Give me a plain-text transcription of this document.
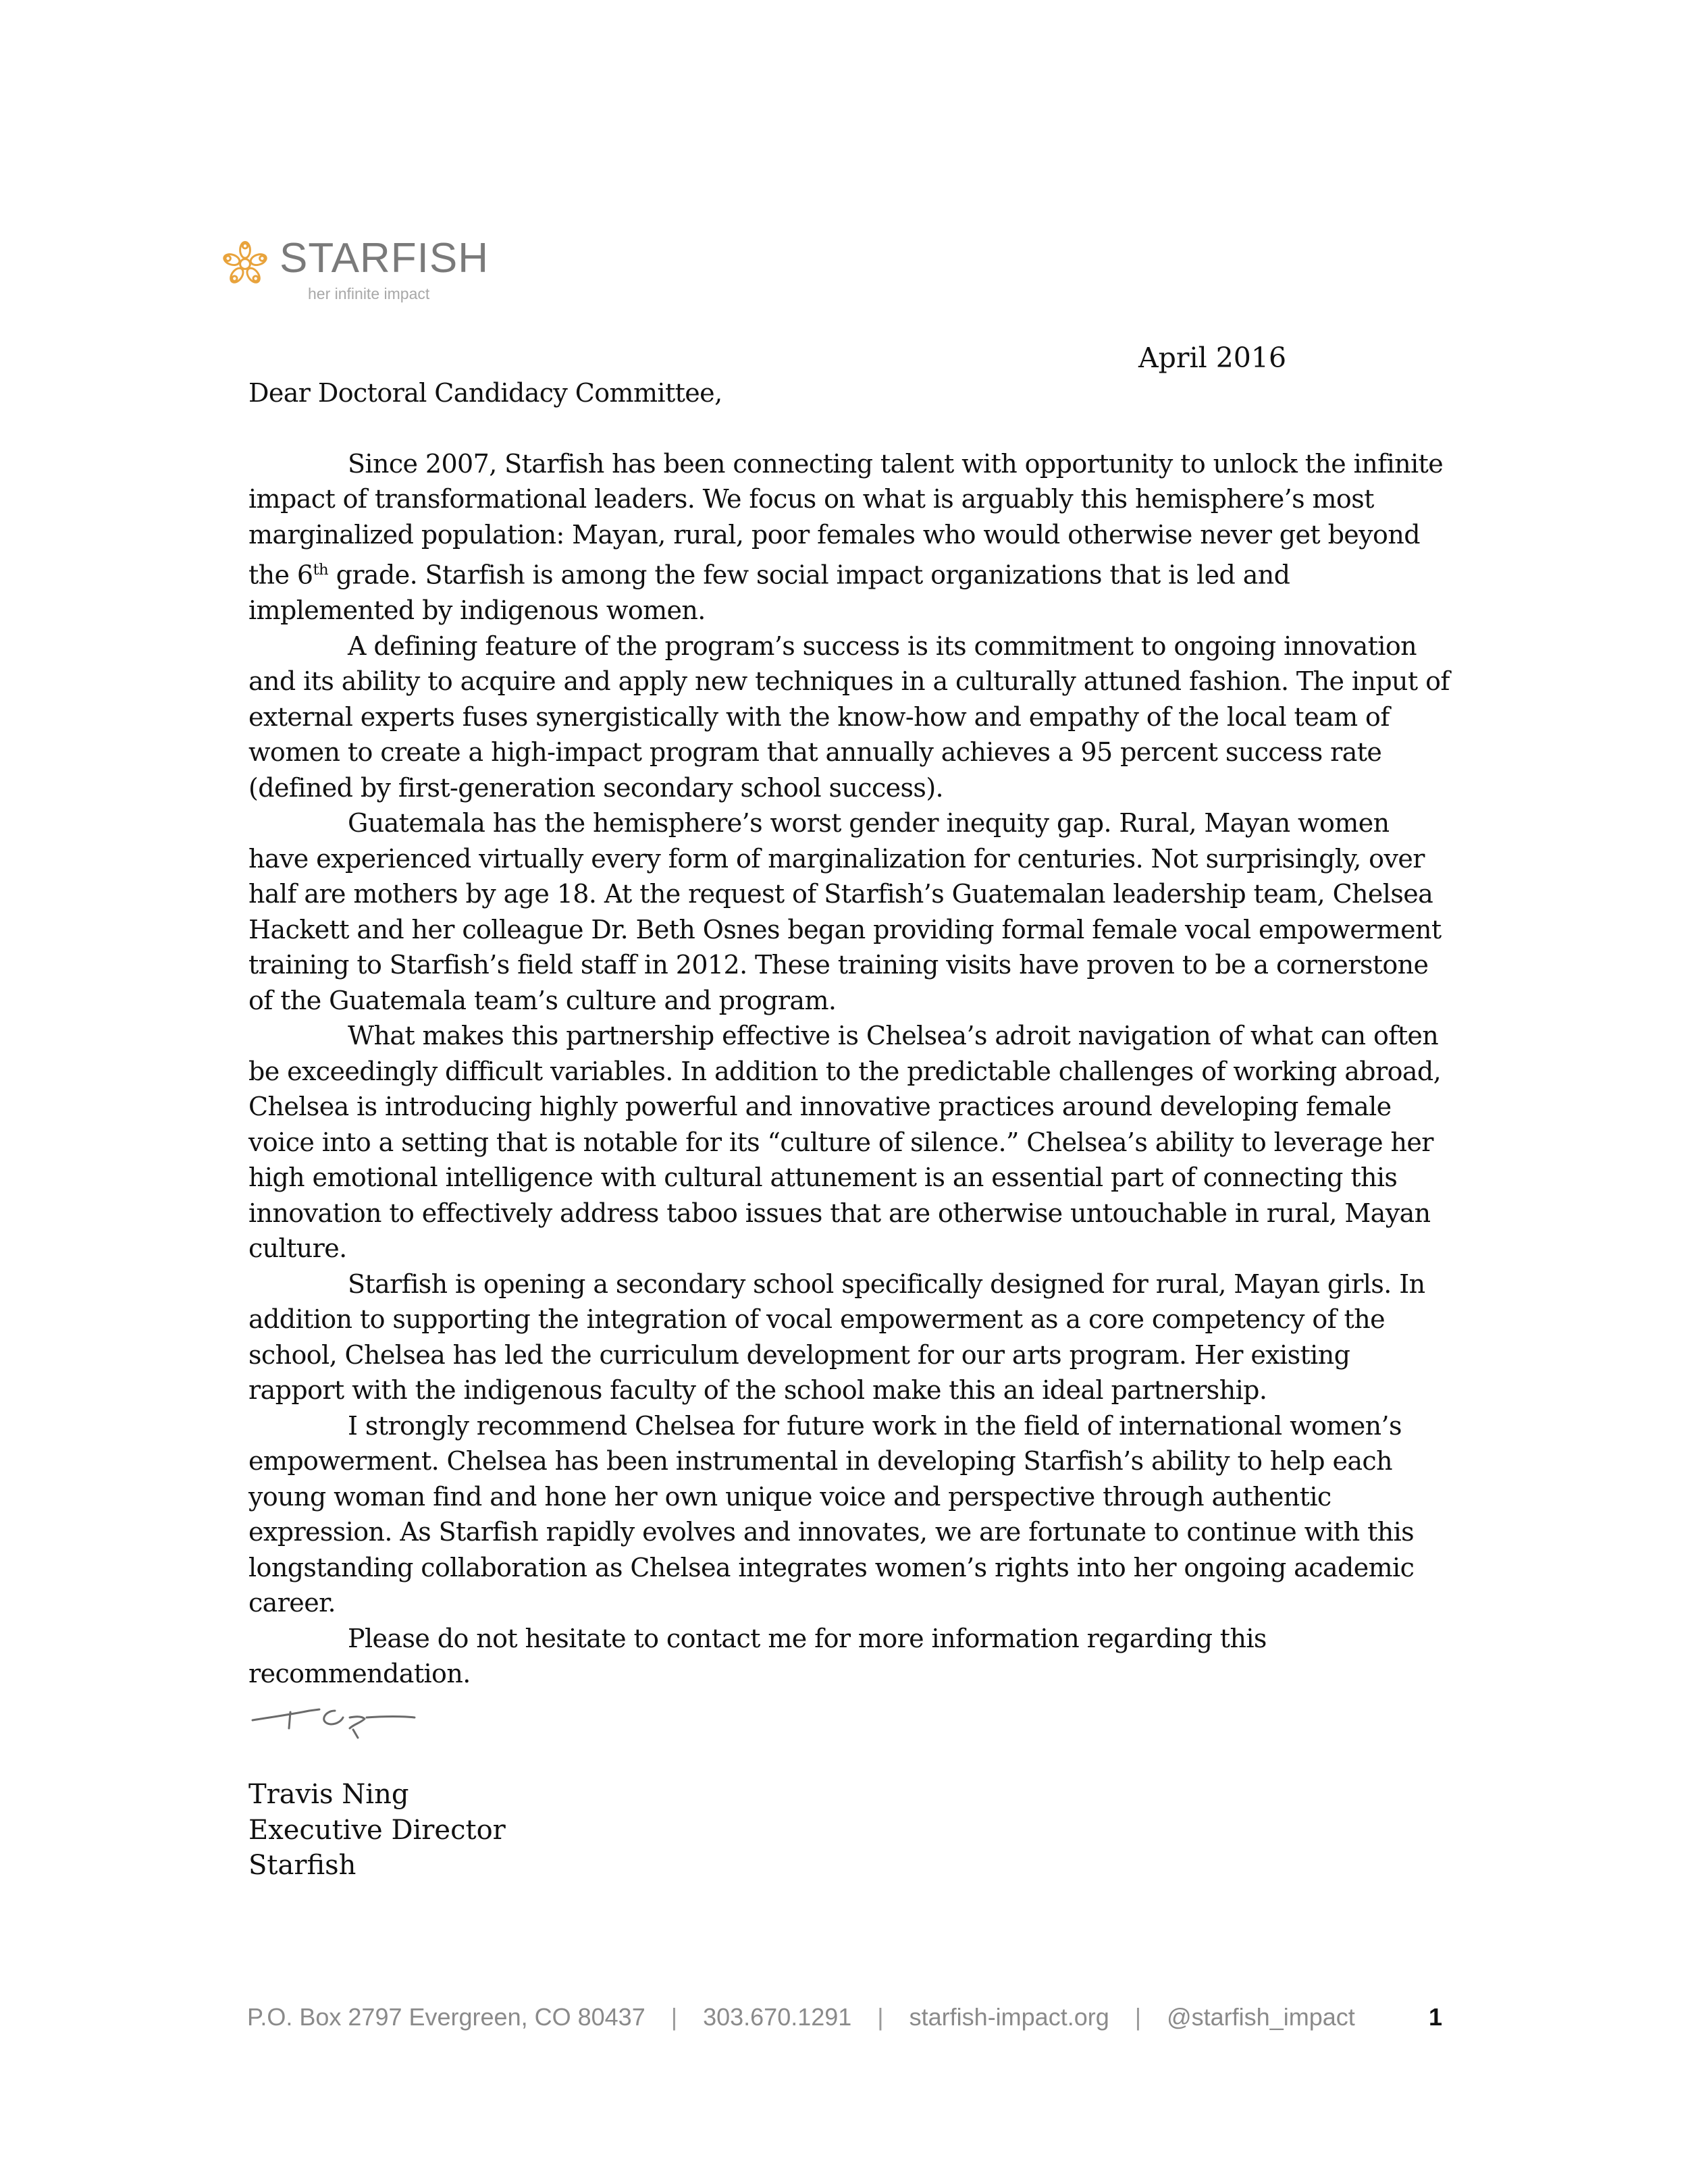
STARFISH
her infinite impact
April 2016
Dear Doctoral Candidacy Committee,

Since 2007, Starfish has been connecting talent with opportunity to unlock the infinite impact of transformational leaders. We focus on what is arguably this hemisphere’s most marginalized population: Mayan, rural, poor females who would otherwise never get beyond the 6th grade. Starfish is among the few social impact organizations that is led and implemented by indigenous women.

A defining feature of the program’s success is its commitment to ongoing innovation and its ability to acquire and apply new techniques in a culturally attuned fashion. The input of external experts fuses synergistically with the know-how and empathy of the local team of women to create a high-impact program that annually achieves a 95 percent success rate (defined by first-generation secondary school success).

Guatemala has the hemisphere’s worst gender inequity gap. Rural, Mayan women have experienced virtually every form of marginalization for centuries. Not surprisingly, over half are mothers by age 18. At the request of Starfish’s Guatemalan leadership team, Chelsea Hackett and her colleague Dr. Beth Osnes began providing formal female vocal empowerment training to Starfish’s field staff in 2012. These training visits have proven to be a cornerstone of the Guatemala team’s culture and program.

What makes this partnership effective is Chelsea’s adroit navigation of what can often be exceedingly difficult variables. In addition to the predictable challenges of working abroad, Chelsea is introducing highly powerful and innovative practices around developing female voice into a setting that is notable for its “culture of silence.” Chelsea’s ability to leverage her high emotional intelligence with cultural attunement is an essential part of connecting this innovation to effectively address taboo issues that are otherwise untouchable in rural, Mayan culture.

Starfish is opening a secondary school specifically designed for rural, Mayan girls. In addition to supporting the integration of vocal empowerment as a core competency of the school, Chelsea has led the curriculum development for our arts program. Her existing rapport with the indigenous faculty of the school make this an ideal partnership.

I strongly recommend Chelsea for future work in the field of international women’s empowerment. Chelsea has been instrumental in developing Starfish’s ability to help each young woman find and hone her own unique voice and perspective through authentic expression. As Starfish rapidly evolves and innovates, we are fortunate to continue with this longstanding collaboration as Chelsea integrates women’s rights into her ongoing academic career.

Please do not hesitate to contact me for more information regarding this recommendation.

Travis Ning
Executive Director
Starfish
P.O. Box 2797 Evergreen, CO 80437 | 303.670.1291 | starfish-impact.org | @starfish_impact	1
